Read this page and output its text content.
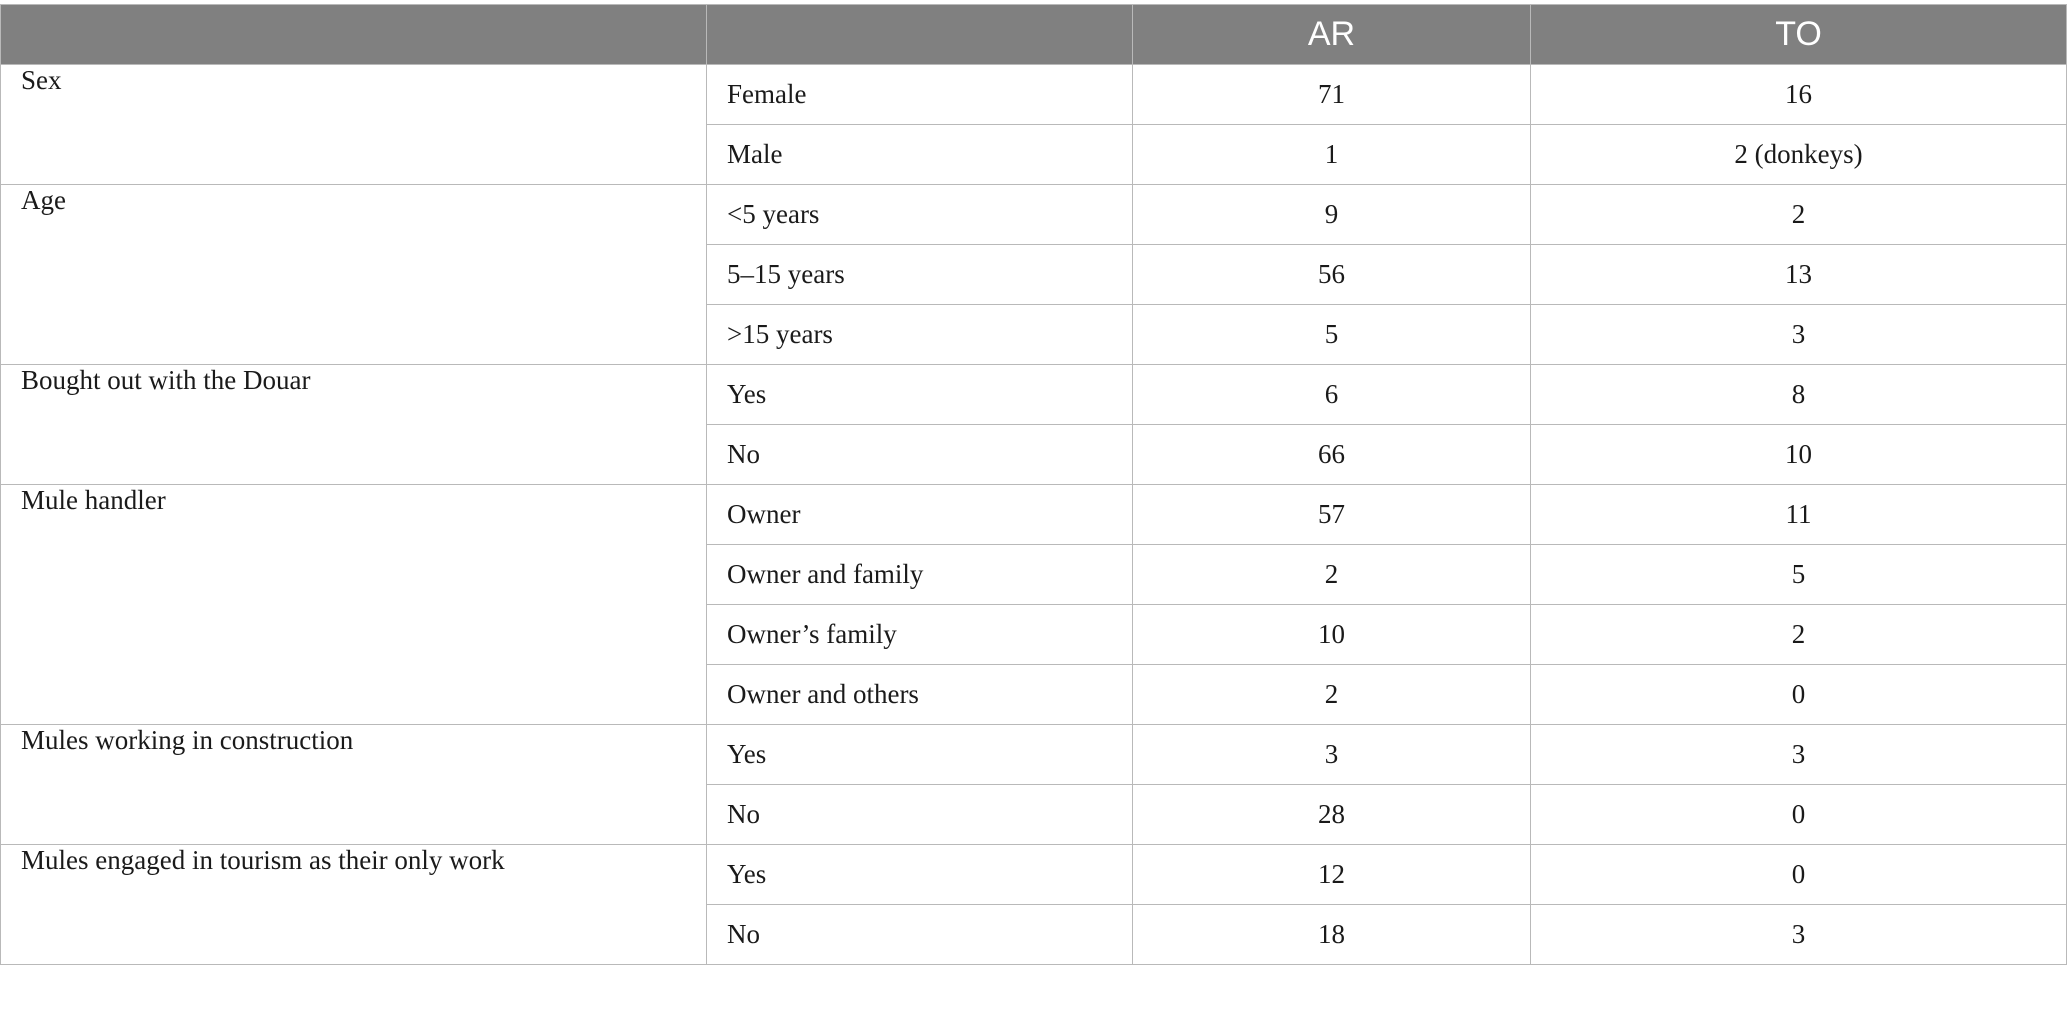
		AR	TO
Sex	Female	71	16
	Male	1	2 (donkeys)
Age	<5 years	9	2
	5–15 years	56	13
	>15 years	5	3
Bought out with the Douar	Yes	6	8
	No	66	10
Mule handler	Owner	57	11
	Owner and family	2	5
	Owner’s family	10	2
	Owner and others	2	0
Mules working in construction	Yes	3	3
	No	28	0
Mules engaged in tourism as their only work	Yes	12	0
	No	18	3
